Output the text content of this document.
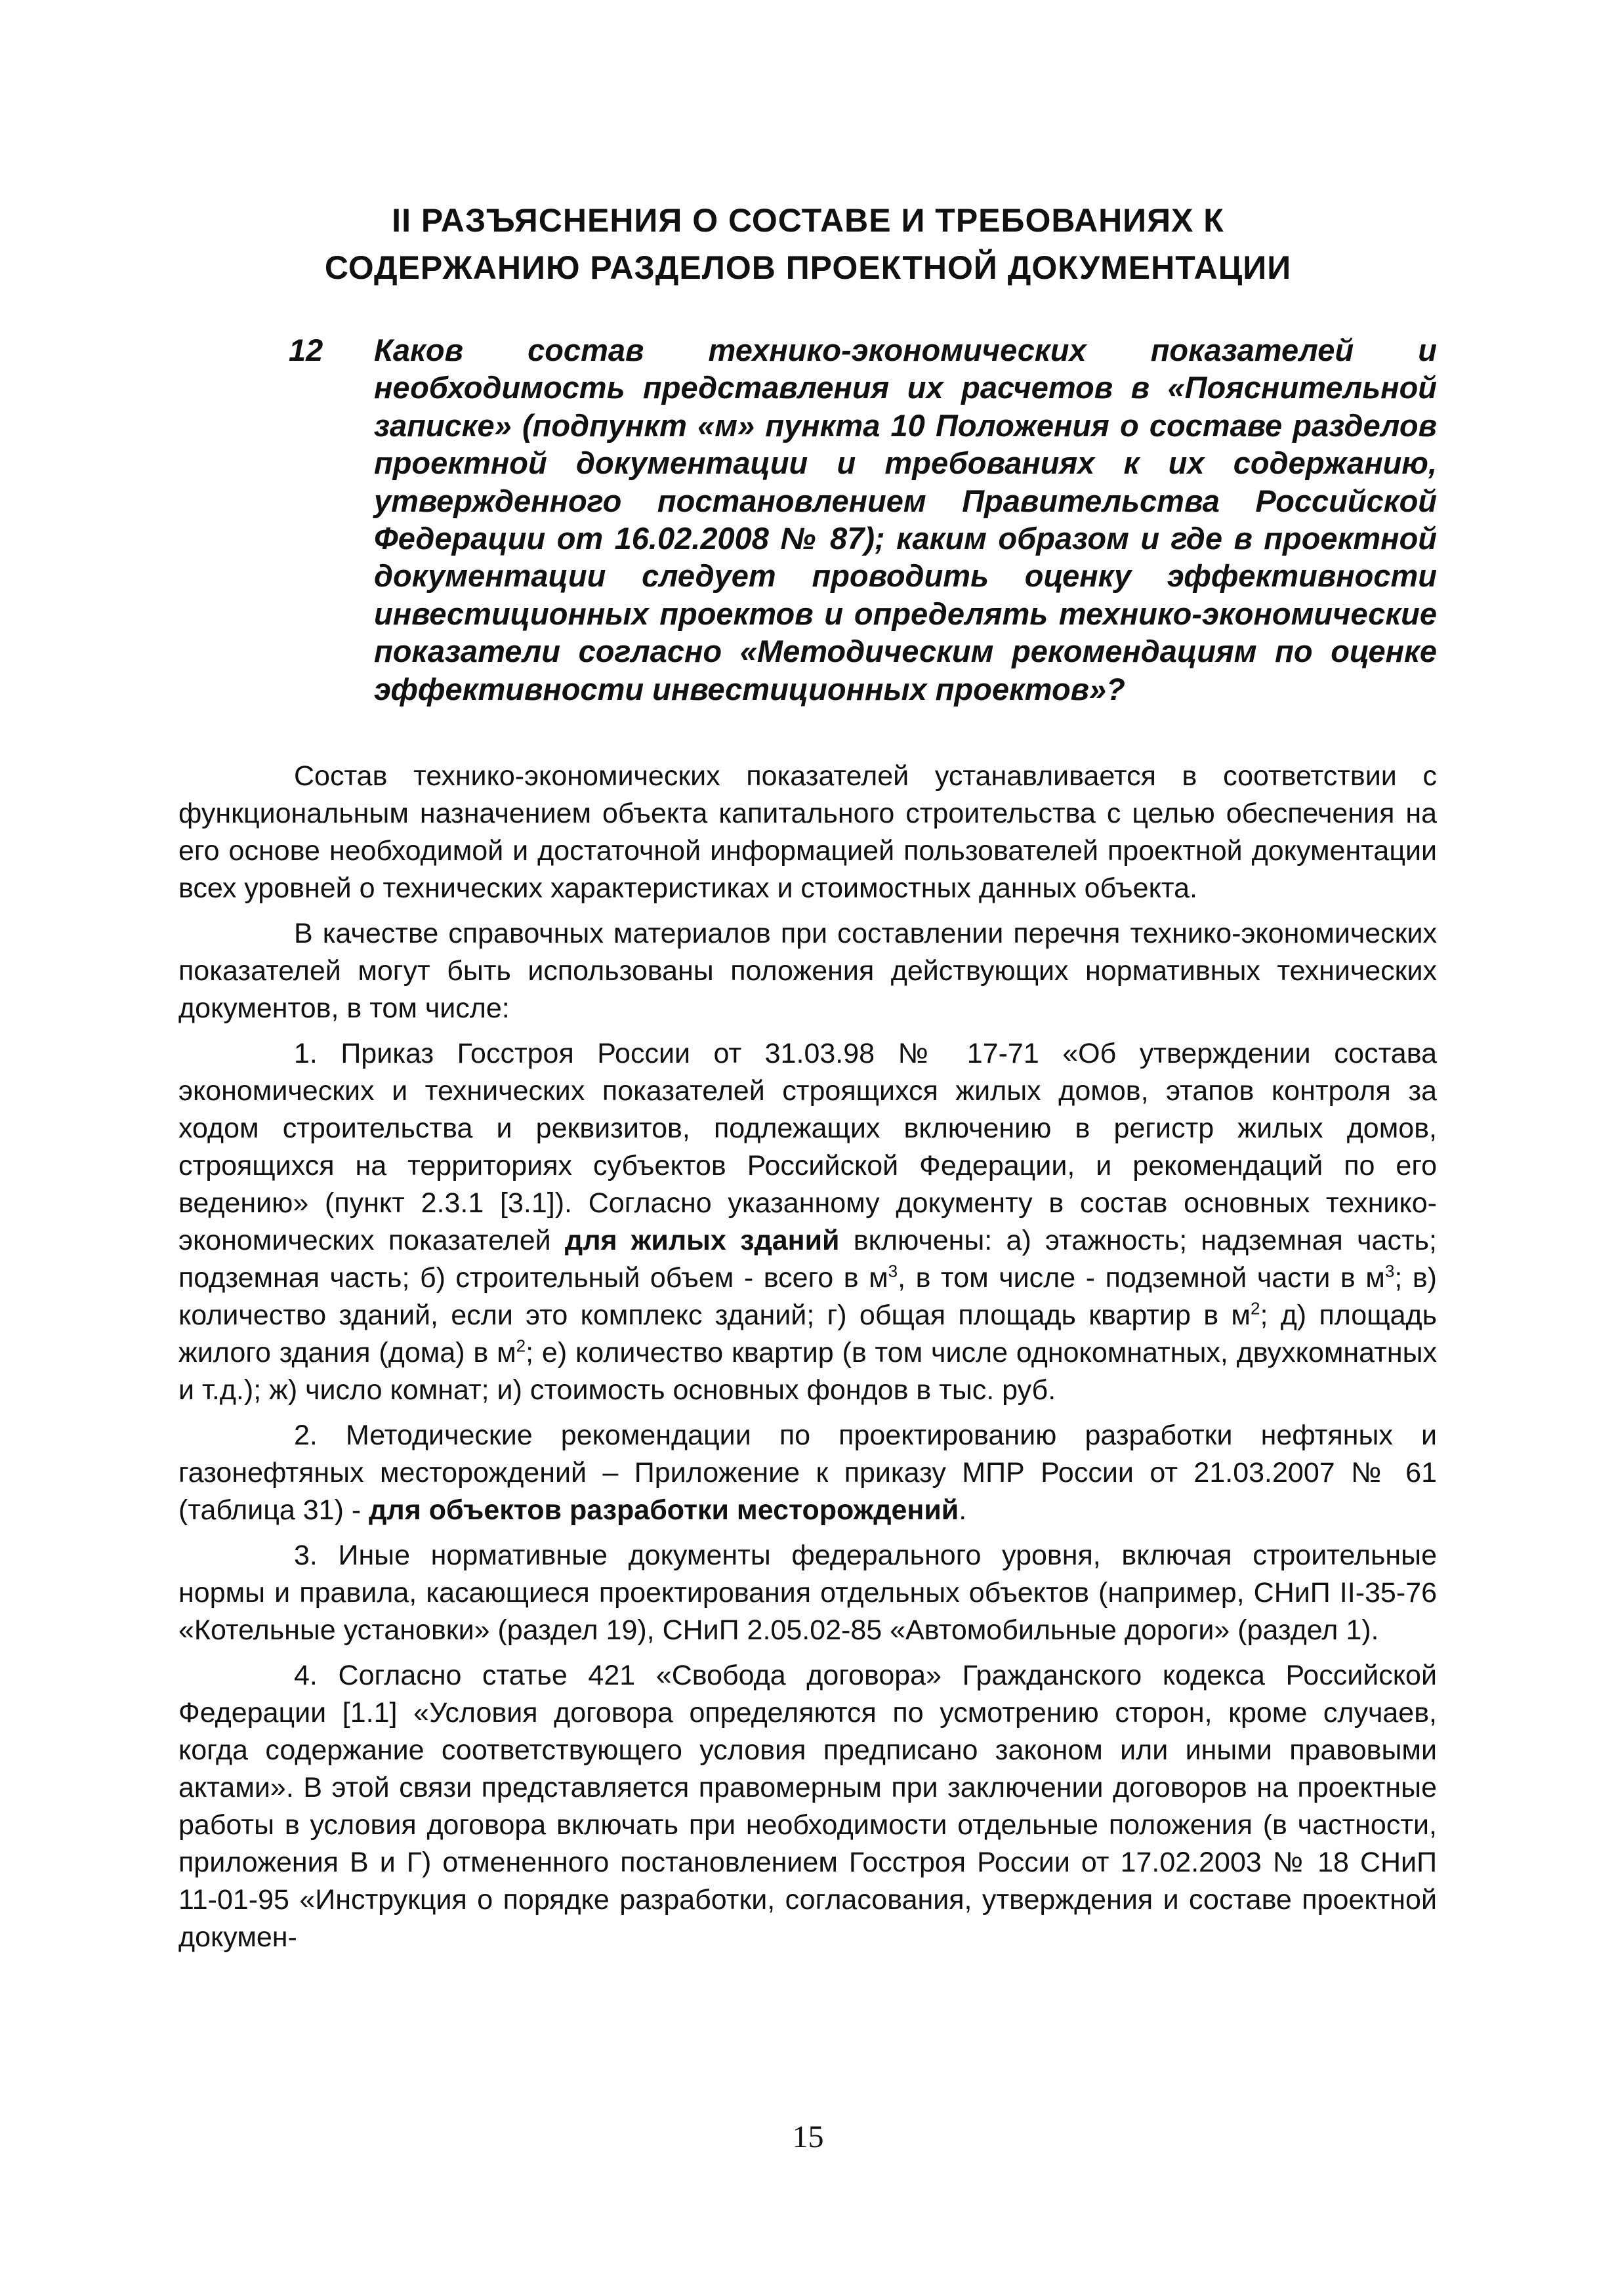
II РАЗЪЯСНЕНИЯ О СОСТАВЕ И ТРЕБОВАНИЯХ К
СОДЕРЖАНИЮ РАЗДЕЛОВ ПРОЕКТНОЙ ДОКУМЕНТАЦИИ
12 Каков состав технико-экономических показателей и необходимость представления их расчетов в «Пояснительной записке» (подпункт «м» пункта 10 Положения о составе разделов проектной документации и требованиях к их содержанию, утвержденного постановлением Правительства Российской Федерации от 16.02.2008 № 87); каким образом и где в проектной документации следует проводить оценку эффективности инвестиционных проектов и определять технико-экономические показатели согласно «Методическим рекомендациям по оценке эффективности инвестиционных проектов»?

Состав технико-экономических показателей устанавливается в соответствии с функциональным назначением объекта капитального строительства с целью обеспечения на его основе необходимой и достаточной информацией пользователей проектной документации всех уровней о технических характеристиках и стоимостных данных объекта.

В качестве справочных материалов при составлении перечня технико-экономических показателей могут быть использованы положения действующих нормативных технических документов, в том числе:

1. Приказ Госстроя России от 31.03.98 № 17-71 «Об утверждении состава экономических и технических показателей строящихся жилых домов, этапов контроля за ходом строительства и реквизитов, подлежащих включению в регистр жилых домов, строящихся на территориях субъектов Российской Федерации, и рекомендаций по его ведению» (пункт 2.3.1 [3.1]). Согласно указанному документу в состав основных технико-экономических показателей для жилых зданий включены: а) этажность; надземная часть; подземная часть; б) строительный объем - всего в $м^3$, в том числе - подземной части в $м^3$; в) количество зданий, если это комплекс зданий; г) общая площадь квартир в $м^2$; д) площадь жилого здания (дома) в $м^2$; е) количество квартир (в том числе однокомнатных, двухкомнатных и т.д.); ж) число комнат; и) стоимость основных фондов в тыс. руб.

2. Методические рекомендации по проектированию разработки нефтяных и газонефтяных месторождений – Приложение к приказу МПР России от 21.03.2007 № 61 (таблица 31) - для объектов разработки месторождений.

3. Иные нормативные документы федерального уровня, включая строительные нормы и правила, касающиеся проектирования отдельных объектов (например, СНиП II-35-76 «Котельные установки» (раздел 19), СНиП 2.05.02-85 «Автомобильные дороги» (раздел 1).

4. Согласно статье 421 «Свобода договора» Гражданского кодекса Российской Федерации [1.1] «Условия договора определяются по усмотрению сторон, кроме случаев, когда содержание соответствующего условия предписано законом или иными правовыми актами». В этой связи представляется правомерным при заключении договоров на проектные работы в условия договора включать при необходимости отдельные положения (в частности, приложения В и Г) отмененного постановлением Госстроя России от 17.02.2003 № 18 СНиП 11-01-95 «Инструкция о порядке разработки, согласования, утверждения и составе проектной докумен-

15
